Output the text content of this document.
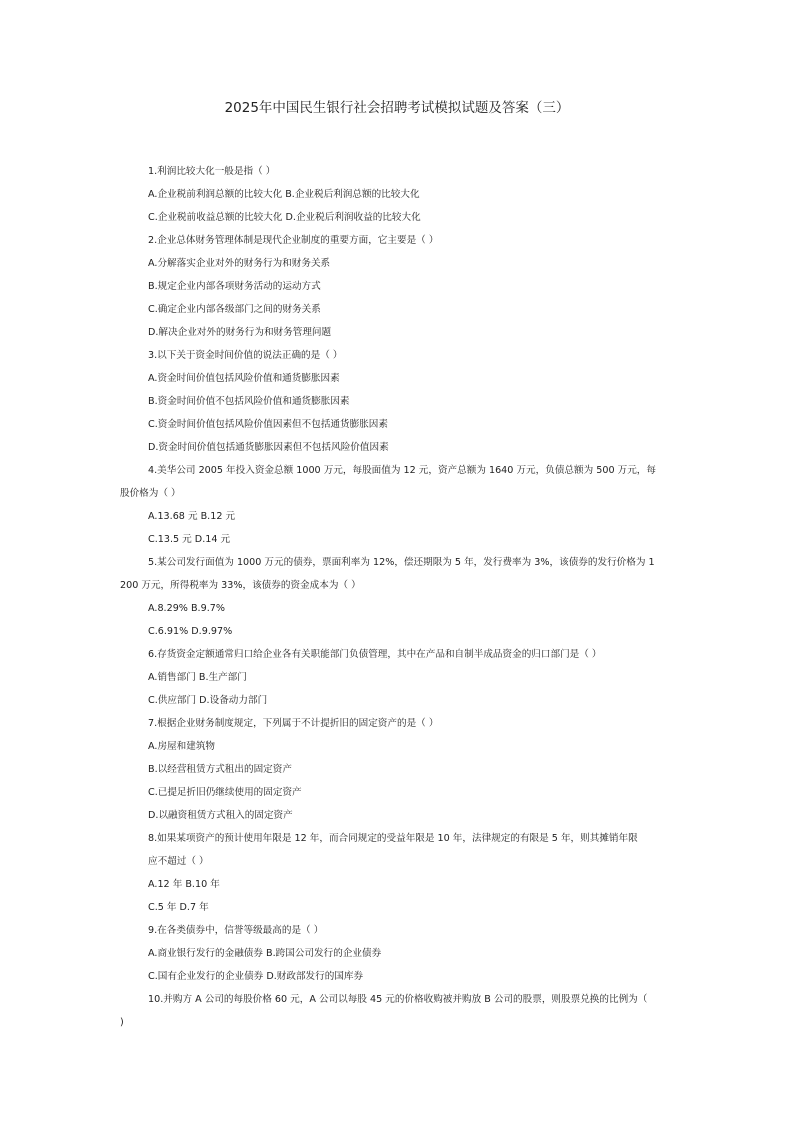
2025年中国民生银行社会招聘考试模拟试题及答案（三）
1.利润比较大化一般是指（ ）
A.企业税前利润总额的比较大化 B.企业税后利润总额的比较大化
C.企业税前收益总额的比较大化 D.企业税后利润收益的比较大化
2.企业总体财务管理体制是现代企业制度的重要方面，它主要是（ ）
A.分解落实企业对外的财务行为和财务关系
B.规定企业内部各项财务活动的运动方式
C.确定企业内部各级部门之间的财务关系
D.解决企业对外的财务行为和财务管理问题
3.以下关于资金时间价值的说法正确的是（ ）
A.资金时间价值包括风险价值和通货膨胀因素
B.资金时间价值不包括风险价值和通货膨胀因素
C.资金时间价值包括风险价值因素但不包括通货膨胀因素
D.资金时间价值包括通货膨胀因素但不包括风险价值因素
4.美华公司 2005 年投入资金总额 1000 万元，每股面值为 12 元，资产总额为 1640 万元，负债总额为 500 万元，每
股价格为（ ）
A.13.68 元 B.12 元
C.13.5 元 D.14 元
5.某公司发行面值为 1000 万元的债券，票面利率为 12%，偿还期限为 5 年，发行费率为 3%，该债券的发行价格为 1
200 万元，所得税率为 33%，该债券的资金成本为（ ）
A.8.29% B.9.7%
C.6.91% D.9.97%
6.存货资金定额通常归口给企业各有关职能部门负债管理，其中在产品和自制半成品资金的归口部门是（ ）
A.销售部门 B.生产部门
C.供应部门 D.设备动力部门
7.根据企业财务制度规定，下列属于不计提折旧的固定资产的是（ ）
A.房屋和建筑物
B.以经营租赁方式租出的固定资产
C.已提足折旧仍继续使用的固定资产
D.以融资租赁方式租入的固定资产
8.如果某项资产的预计使用年限是 12 年，而合同规定的受益年限是 10 年，法律规定的有限是 5 年，则其摊销年限
应不超过（ ）
A.12 年 B.10 年
C.5 年 D.7 年
9.在各类债券中，信誉等级最高的是（ ）
A.商业银行发行的金融债券 B.跨国公司发行的企业债券
C.国有企业发行的企业债券 D.财政部发行的国库券
10.并购方 A 公司的每股价格 60 元，A 公司以每股 45 元的价格收购被并购放 B 公司的股票，则股票兑换的比例为（
)
